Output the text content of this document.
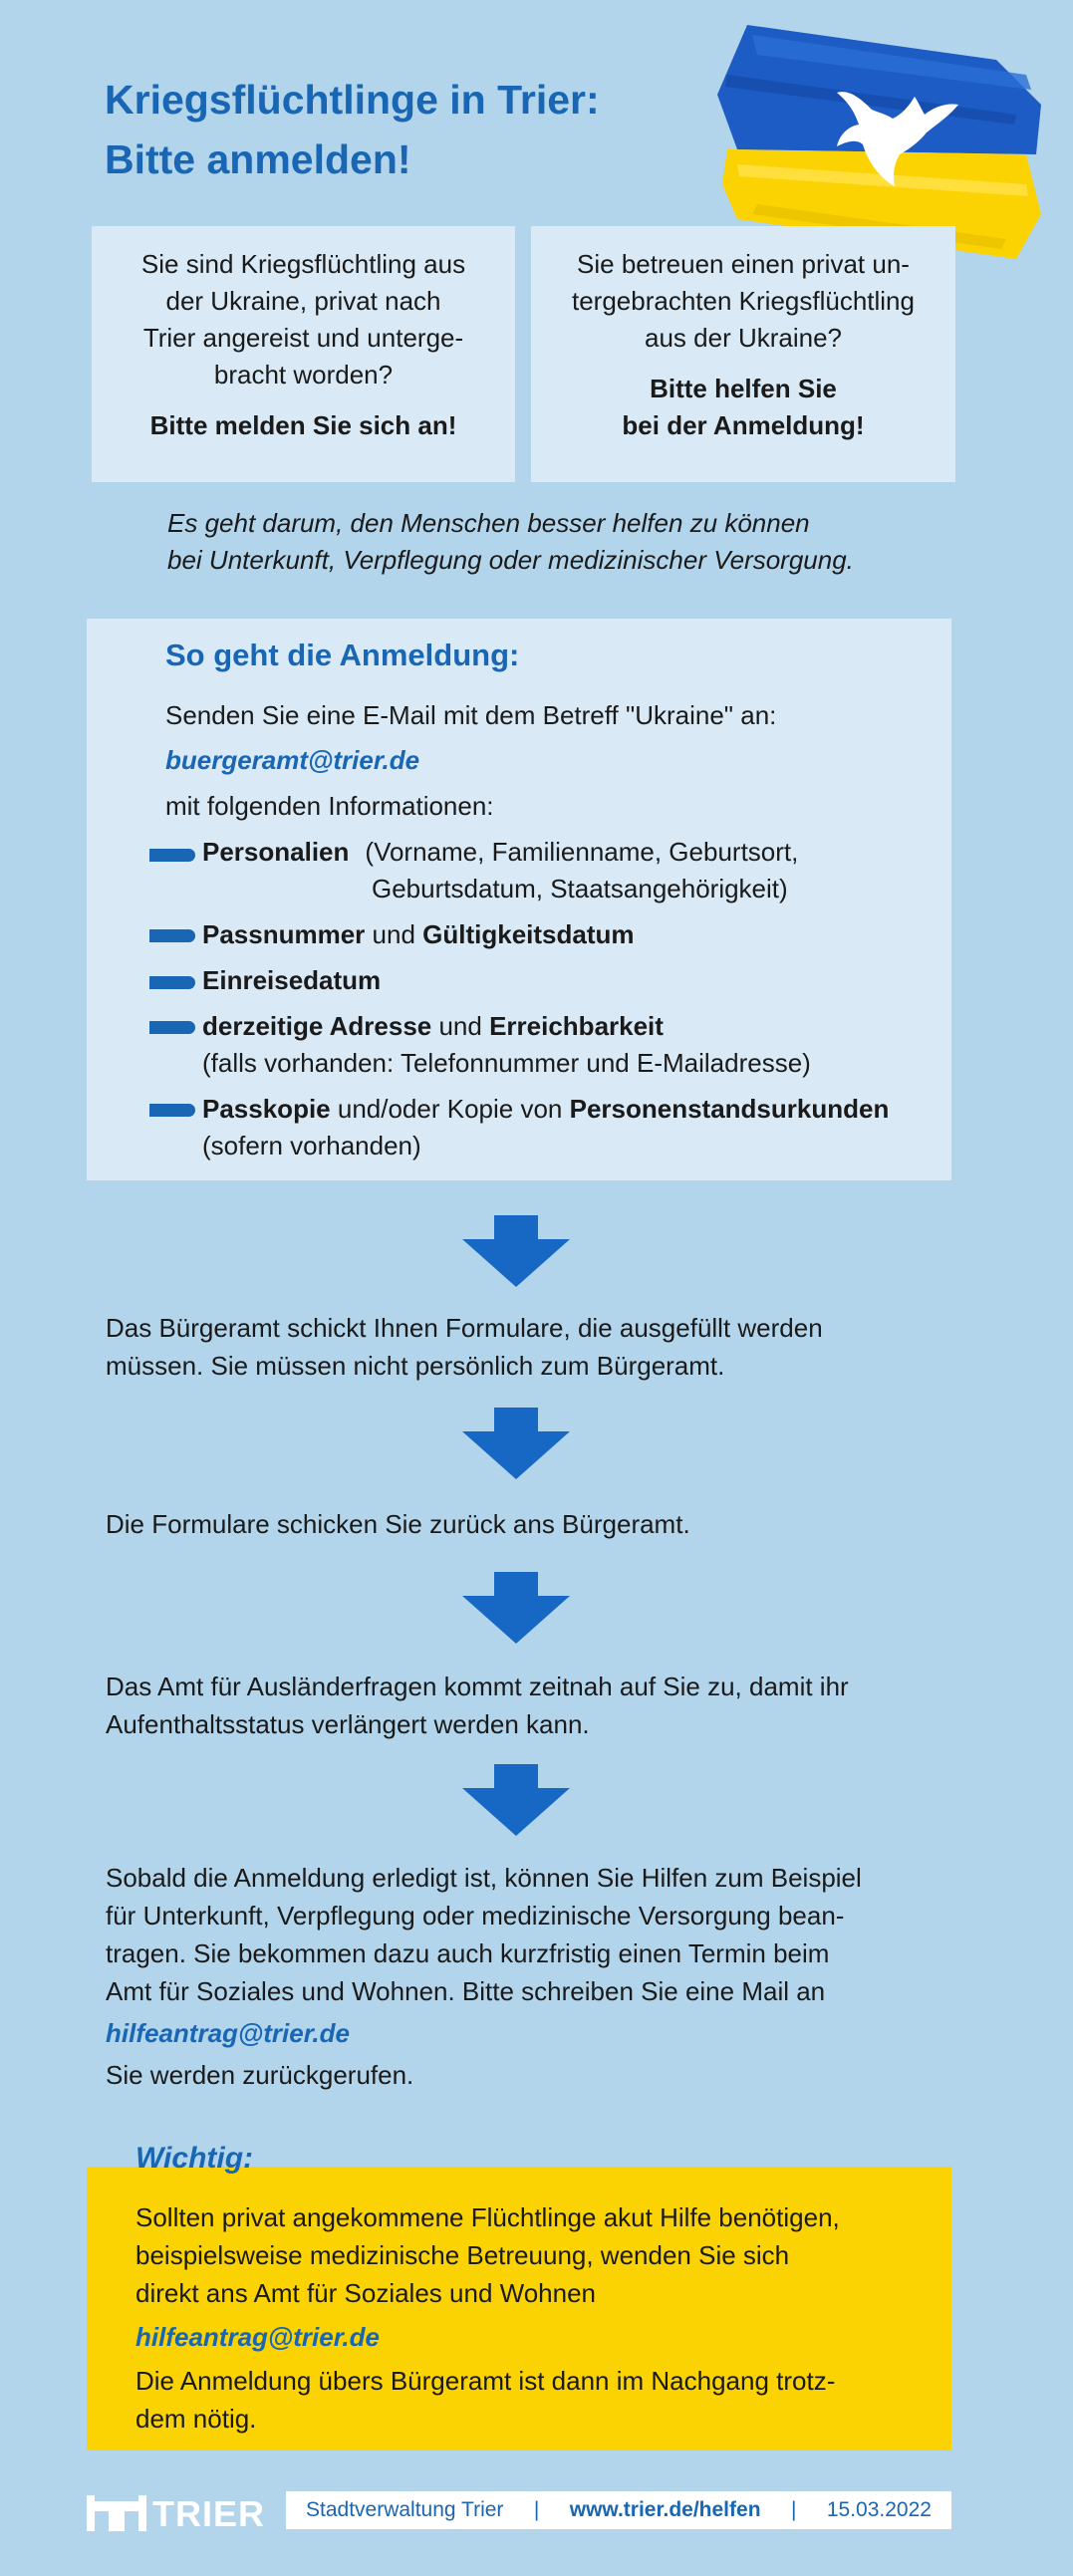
Kriegsflüchtlinge in Trier:
Bitte anmelden!

Sie sind Kriegsflüchtling aus

der Ukraine, privat nach

Trier angereist und unterge-

bracht worden?

Bitte melden Sie sich an!

Sie betreuen einen privat un-

tergebrachten Kriegsflüchtling

aus der Ukraine?

Bitte helfen Sie
bei der Anmeldung!
Es geht darum, den Menschen besser helfen zu können
bei Unterkunft, Verpflegung oder medizinischer Versorgung.
So geht die Anmeldung:
Senden Sie eine E-Mail mit dem Betreff "Ukraine" an:
buergeramt@trier.de
mit folgenden Informationen:
Personalien (Vorname, Familienname, Geburtsort,
Geburtsdatum, Staatsangehörigkeit)
Passnummer und Gültigkeitsdatum
Einreisedatum
derzeitige Adresse und Erreichbarkeit
(falls vorhanden: Telefonnummer und E-Mailadresse)
Passkopie und/oder Kopie von Personenstandsurkunden
(sofern vorhanden)
Das Bürgeramt schickt Ihnen Formulare, die ausgefüllt werden
müssen. Sie müssen nicht persönlich zum Bürgeramt.
Die Formulare schicken Sie zurück ans Bürgeramt.
Das Amt für Ausländerfragen kommt zeitnah auf Sie zu, damit ihr
Aufenthaltsstatus verlängert werden kann.
Sobald die Anmeldung erledigt ist, können Sie Hilfen zum Beispiel
für Unterkunft, Verpflegung oder medizinische Versorgung bean-
tragen. Sie bekommen dazu auch kurzfristig einen Termin beim
Amt für Soziales und Wohnen. Bitte schreiben Sie eine Mail an
hilfeantrag@trier.de
Sie werden zurückgerufen.
Wichtig:
Sollten privat angekommene Flüchtlinge akut Hilfe benötigen,
beispielsweise medizinische Betreuung, wenden Sie sich
direkt ans Amt für Soziales und Wohnen
hilfeantrag@trier.de
Die Anmeldung übers Bürgeramt ist dann im Nachgang trotz-
dem nötig.
TRIER Stadtverwaltung Trier | www.trier.de/helfen | 15.03.2022
